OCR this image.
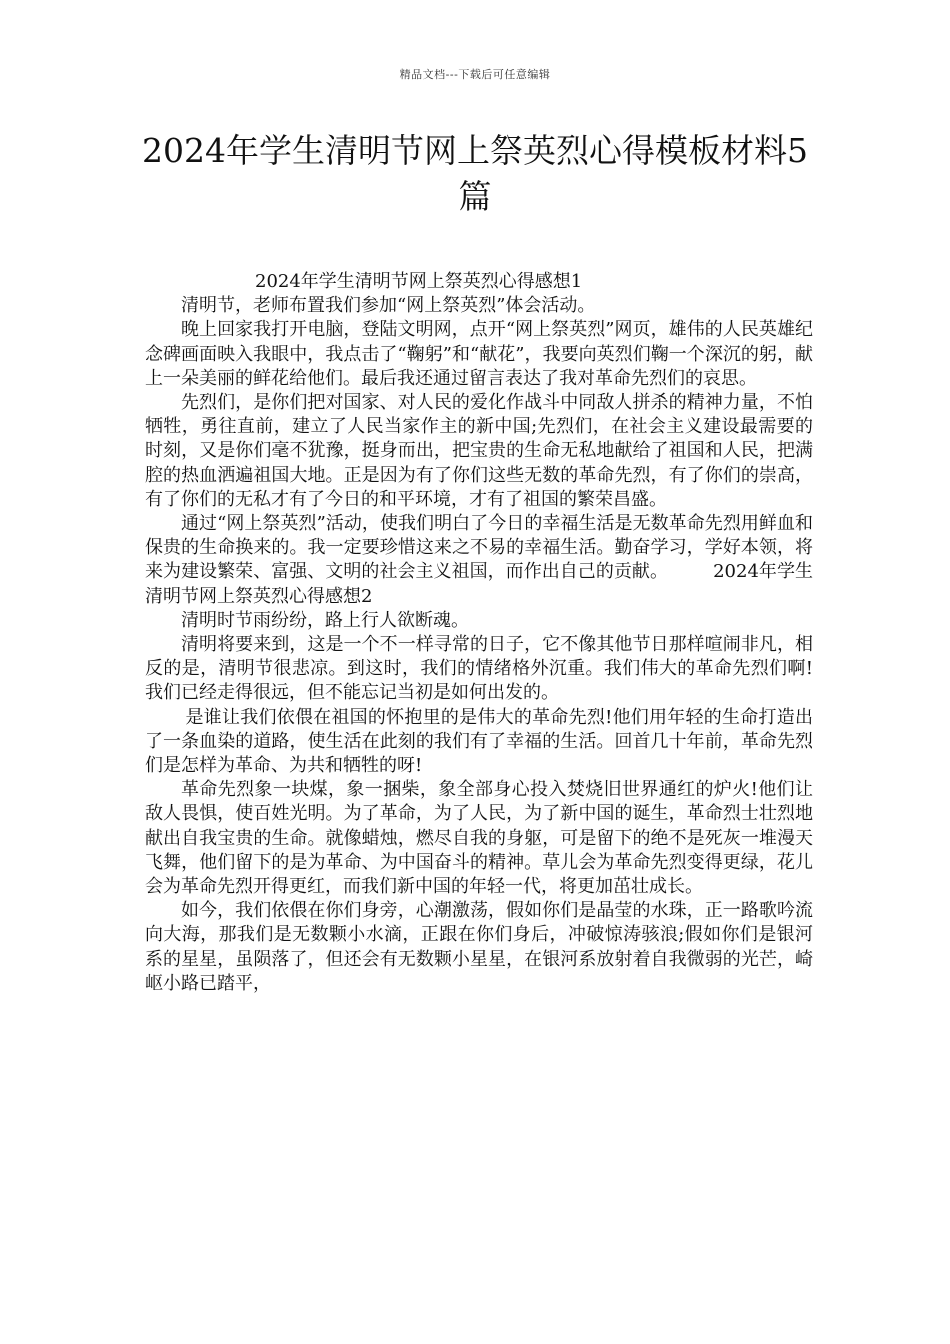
精品文档---下载后可任意编辑
2024年学生清明节网上祭英烈心得模板材料5篇

2024年学生清明节网上祭英烈心得感想1

清明节，老师布置我们参加“网上祭英烈”体会活动。

晚上回家我打开电脑，登陆文明网，点开“网上祭英烈”网页，雄伟的人民英雄纪念碑画面映入我眼中，我点击了“鞠躬”和“献花”，我要向英烈们鞠一个深沉的躬，献上一朵美丽的鲜花给他们。最后我还通过留言表达了我对革命先烈们的哀思。

先烈们，是你们把对国家、对人民的爱化作战斗中同敌人拼杀的精神力量，不怕牺牲，勇往直前，建立了人民当家作主的新中国;先烈们，在社会主义建设最需要的时刻，又是你们毫不犹豫，挺身而出，把宝贵的生命无私地献给了祖国和人民，把满腔的热血洒遍祖国大地。正是因为有了你们这些无数的革命先烈，有了你们的崇高，有了你们的无私才有了今日的和平环境，才有了祖国的繁荣昌盛。

通过“网上祭英烈”活动，使我们明白了今日的幸福生活是无数革命先烈用鲜血和保贵的生命换来的。我一定要珍惜这来之不易的幸福生活。勤奋学习，学好本领，将来为建设繁荣、富强、文明的社会主义祖国，而作出自己的贡献。　　　	2024年学生清明节网上祭英烈心得感想2

清明时节雨纷纷，路上行人欲断魂。

清明将要来到，这是一个不一样寻常的日子，它不像其他节日那样喧闹非凡，相反的是，清明节很悲凉。到这时，我们的情绪格外沉重。我们伟大的革命先烈们啊!我们已经走得很远，但不能忘记当初是如何出发的。

是谁让我们依偎在祖国的怀抱里的是伟大的革命先烈!他们用年轻的生命打造出了一条血染的道路，使生活在此刻的我们有了幸福的生活。回首几十年前，革命先烈们是怎样为革命、为共和牺牲的呀!

革命先烈象一块煤，象一捆柴，象全部身心投入焚烧旧世界通红的炉火!他们让敌人畏惧，使百姓光明。为了革命，为了人民，为了新中国的诞生，革命烈士壮烈地献出自我宝贵的生命。就像蜡烛，燃尽自我的身躯，可是留下的绝不是死灰一堆漫天飞舞，他们留下的是为革命、为中国奋斗的精神。草儿会为革命先烈变得更绿，花儿会为革命先烈开得更红，而我们新中国的年轻一代，将更加茁壮成长。

如今，我们依偎在你们身旁，心潮激荡，假如你们是晶莹的水珠，正一路歌吟流向大海，那我们是无数颗小水滴，正跟在你们身后，冲破惊涛骇浪;假如你们是银河系的星星，虽陨落了，但还会有无数颗小星星，在银河系放射着自我微弱的光芒，崎岖小路已踏平，
